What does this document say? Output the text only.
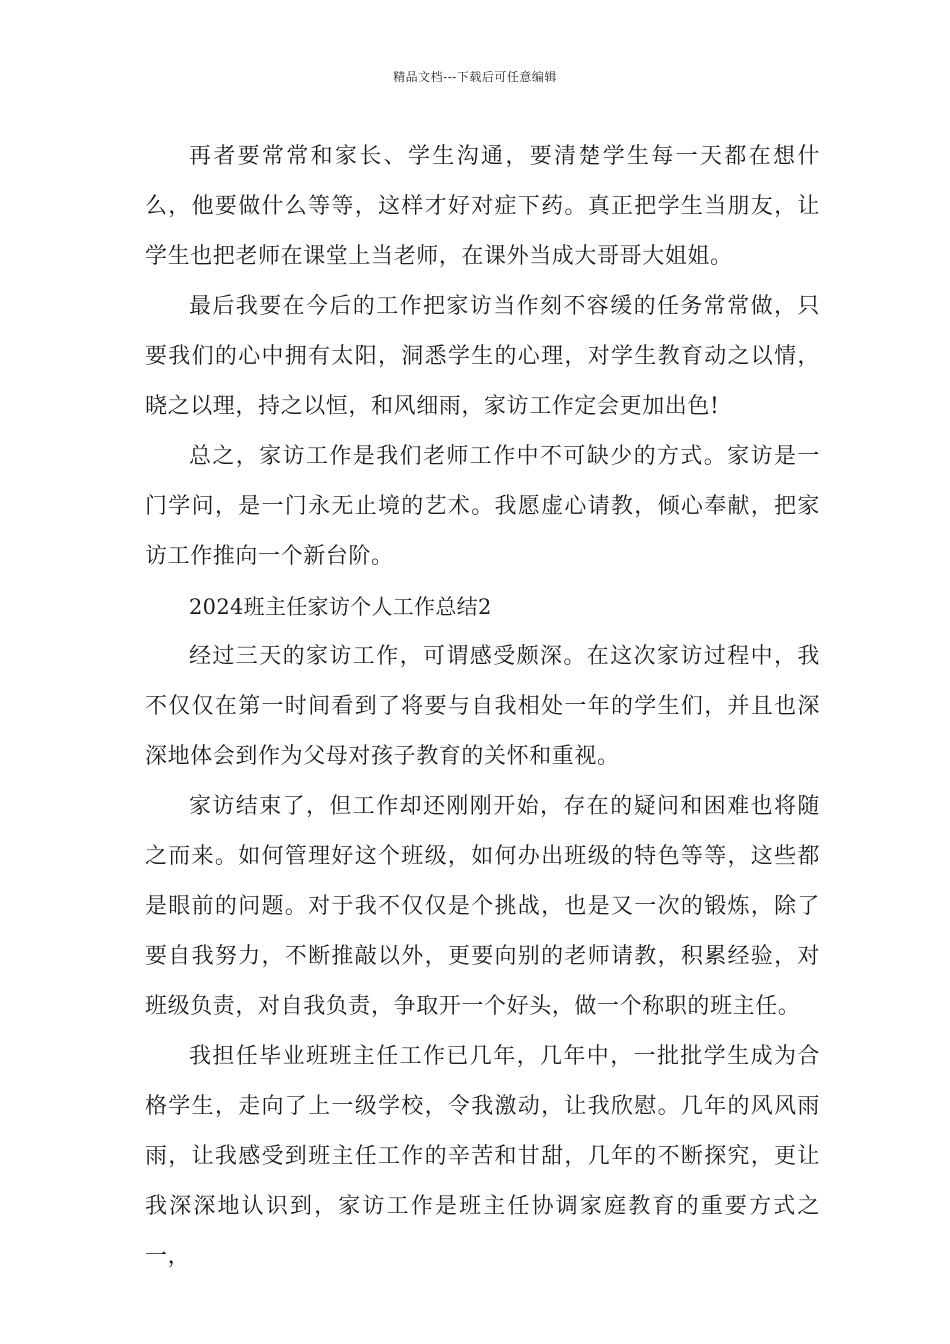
精品文档---下载后可任意编辑

再者要常常和家长、学生沟通，要清楚学生每一天都在想什么，他要做什么等等，这样才好对症下药。真正把学生当朋友，让学生也把老师在课堂上当老师，在课外当成大哥哥大姐姐。

最后我要在今后的工作把家访当作刻不容缓的任务常常做，只要我们的心中拥有太阳，洞悉学生的心理，对学生教育动之以情，晓之以理，持之以恒，和风细雨，家访工作定会更加出色!

总之，家访工作是我们老师工作中不可缺少的方式。家访是一门学问，是一门永无止境的艺术。我愿虚心请教，倾心奉献，把家访工作推向一个新台阶。

2024班主任家访个人工作总结2

经过三天的家访工作，可谓感受颇深。在这次家访过程中，我不仅仅在第一时间看到了将要与自我相处一年的学生们，并且也深深地体会到作为父母对孩子教育的关怀和重视。

家访结束了，但工作却还刚刚开始，存在的疑问和困难也将随之而来。如何管理好这个班级，如何办出班级的特色等等，这些都是眼前的问题。对于我不仅仅是个挑战，也是又一次的锻炼，除了要自我努力，不断推敲以外，更要向别的老师请教，积累经验，对班级负责，对自我负责，争取开一个好头，做一个称职的班主任。

我担任毕业班班主任工作已几年，几年中，一批批学生成为合格学生，走向了上一级学校，令我激动，让我欣慰。几年的风风雨雨，让我感受到班主任工作的辛苦和甘甜，几年的不断探究，更让我深深地认识到，家访工作是班主任协调家庭教育的重要方式之一，
